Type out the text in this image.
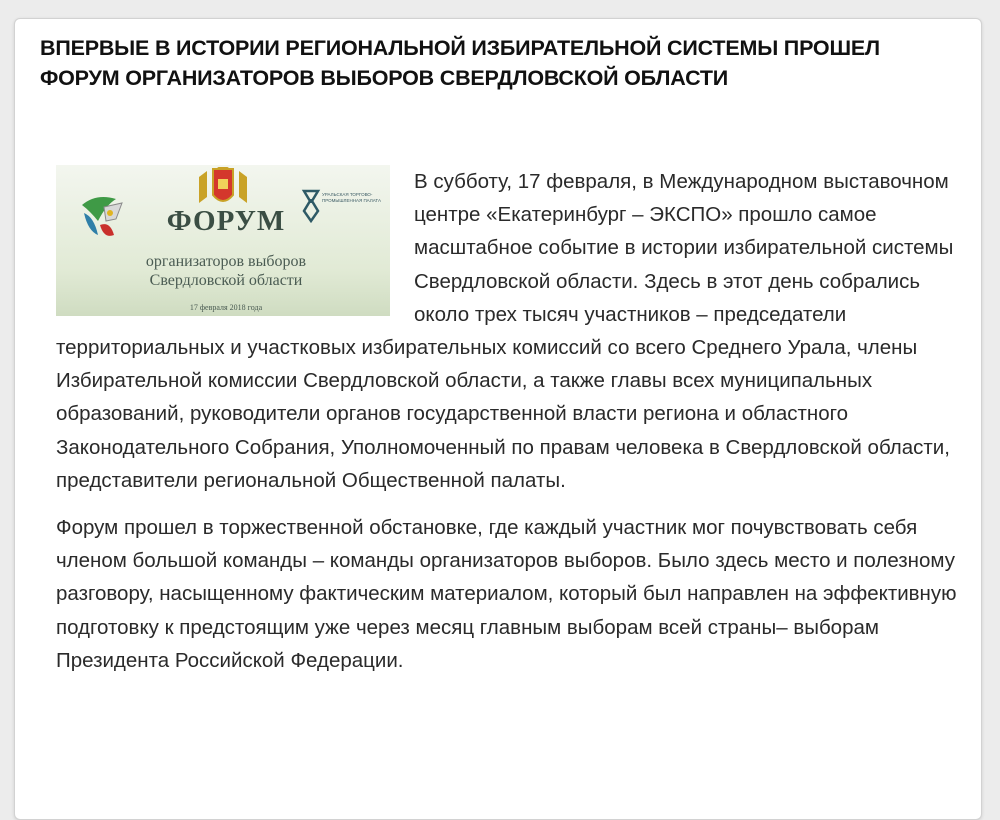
ВПЕРВЫЕ В ИСТОРИИ РЕГИОНАЛЬНОЙ ИЗБИРАТЕЛЬНОЙ СИСТЕМЫ ПРОШЕЛ ФОРУМ ОРГАНИЗАТОРОВ ВЫБОРОВ СВЕРДЛОВСКОЙ ОБЛАСТИ
УРАЛЬСКАЯ ТОРГОВО-ПРОМЫШЛЕННАЯ ПАЛАТА
ФОРУМ
организаторов выборов
Свердловской области
17 февраля 2018 года

В субботу, 17 февраля, в Международном выставочном центре «Екатеринбург – ЭКСПО» прошло самое масштабное событие в истории избирательной системы Свердловской области. Здесь в этот день собрались около трех тысяч участников – председатели территориальных и участковых избирательных комиссий со всего Среднего Урала, члены Избирательной комиссии Свердловской области, а также главы всех муниципальных образований, руководители органов государственной власти региона и областного Законодательного Собрания, Уполномоченный по правам человека в Свердловской области, представители региональной Общественной палаты.

Форум прошел в торжественной обстановке, где каждый участник мог почувствовать себя членом большой команды – команды организаторов выборов. Было здесь место и полезному разговору, насыщенному фактическим материалом, который был направлен на эффективную подготовку к предстоящим уже через месяц главным выборам всей страны– выборам Президента Российской Федерации.
